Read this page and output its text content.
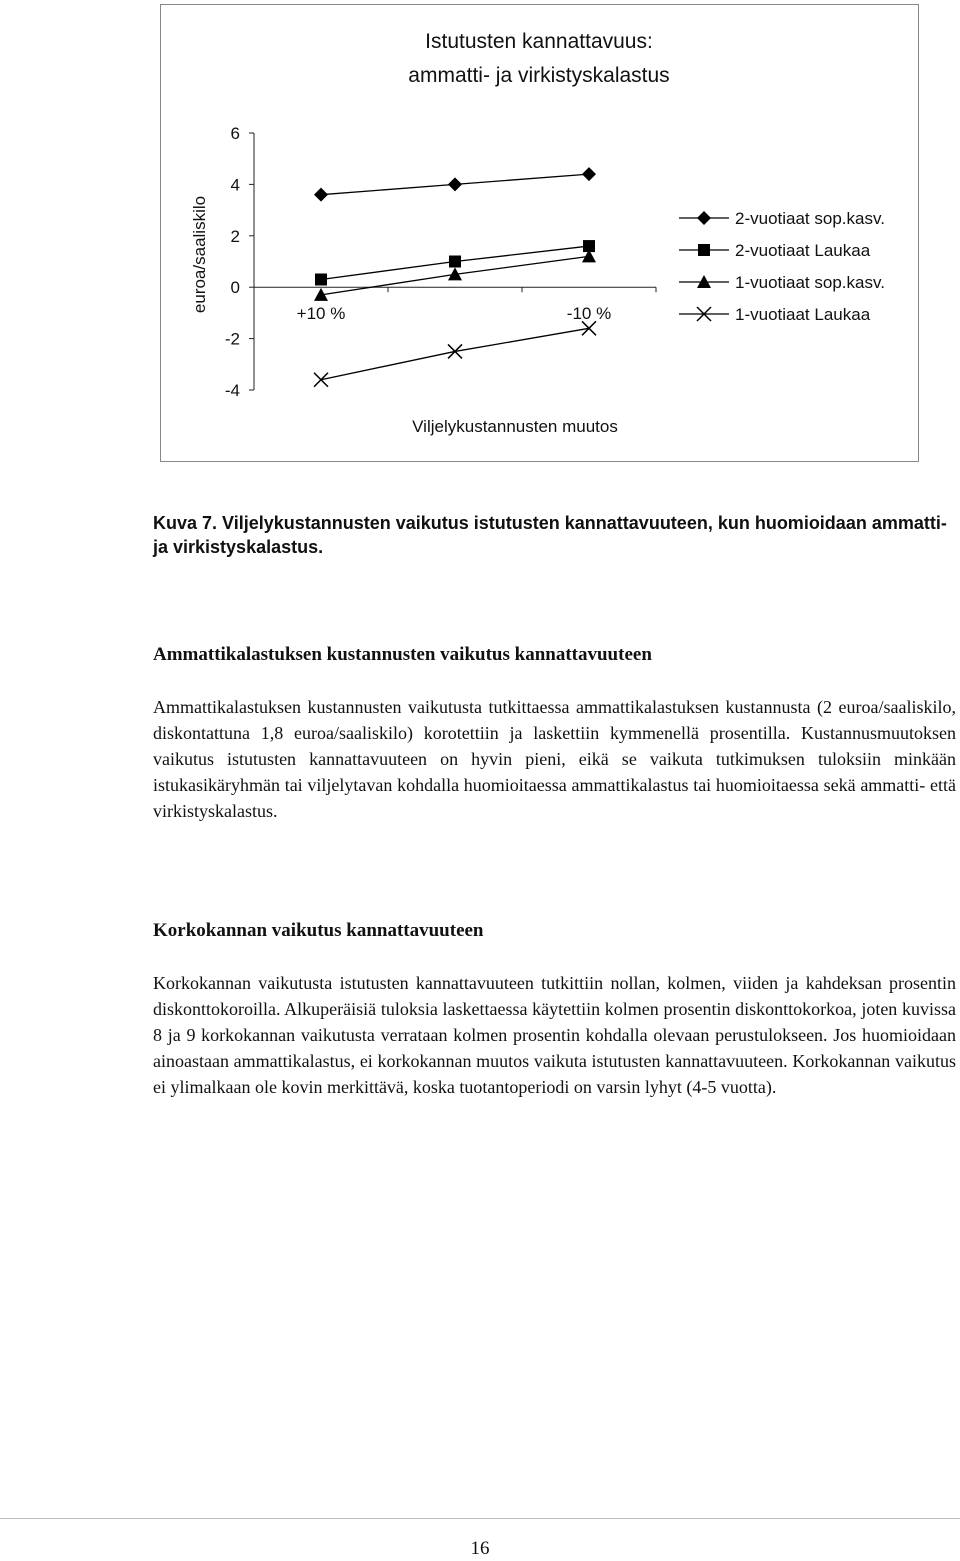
Istutusten kannattavuus:
ammatti- ja virkistyskalastus
6
4
2
0
-2
-4
+10 %	-10 %
euroa/saaliskilo
Viljelykustannusten muutos
2-vuotiaat sop.kasv.
2-vuotiaat Laukaa
1-vuotiaat sop.kasv.
1-vuotiaat Laukaa

Kuva 7. Viljelykustannusten vaikutus istutusten kannattavuuteen, kun huomioidaan ammatti- ja virkistyskalastus.

Ammattikalastuksen kustannusten vaikutus kannattavuuteen

Ammattikalastuksen kustannusten vaikutusta tutkittaessa ammattikalastuksen kustannusta (2 euroa/saaliskilo, diskontattuna 1,8 euroa/saaliskilo) korotettiin ja laskettiin kymmenellä prosentilla. Kustannusmuutoksen vaikutus istutusten kannattavuuteen on hyvin pieni, eikä se vaikuta tutkimuksen tuloksiin minkään istukasikäryhmän tai viljelytavan kohdalla huomioitaessa ammattikalastus tai huomioitaessa sekä ammatti- että virkistyskalastus.

Korkokannan vaikutus kannattavuuteen

Korkokannan vaikutusta istutusten kannattavuuteen tutkittiin nollan, kolmen, viiden ja kahdeksan prosentin diskonttokoroilla. Alkuperäisiä tuloksia laskettaessa käytettiin kolmen prosentin diskonttokorkoa, joten kuvissa 8 ja 9 korkokannan vaikutusta verrataan kolmen prosentin kohdalla olevaan perustulokseen. Jos huomioidaan ainoastaan ammattikalastus, ei korkokannan muutos vaikuta istutusten kannattavuuteen. Korkokannan vaikutus ei ylimalkaan ole kovin merkittävä, koska tuotantoperiodi on varsin lyhyt (4-5 vuotta).

16
